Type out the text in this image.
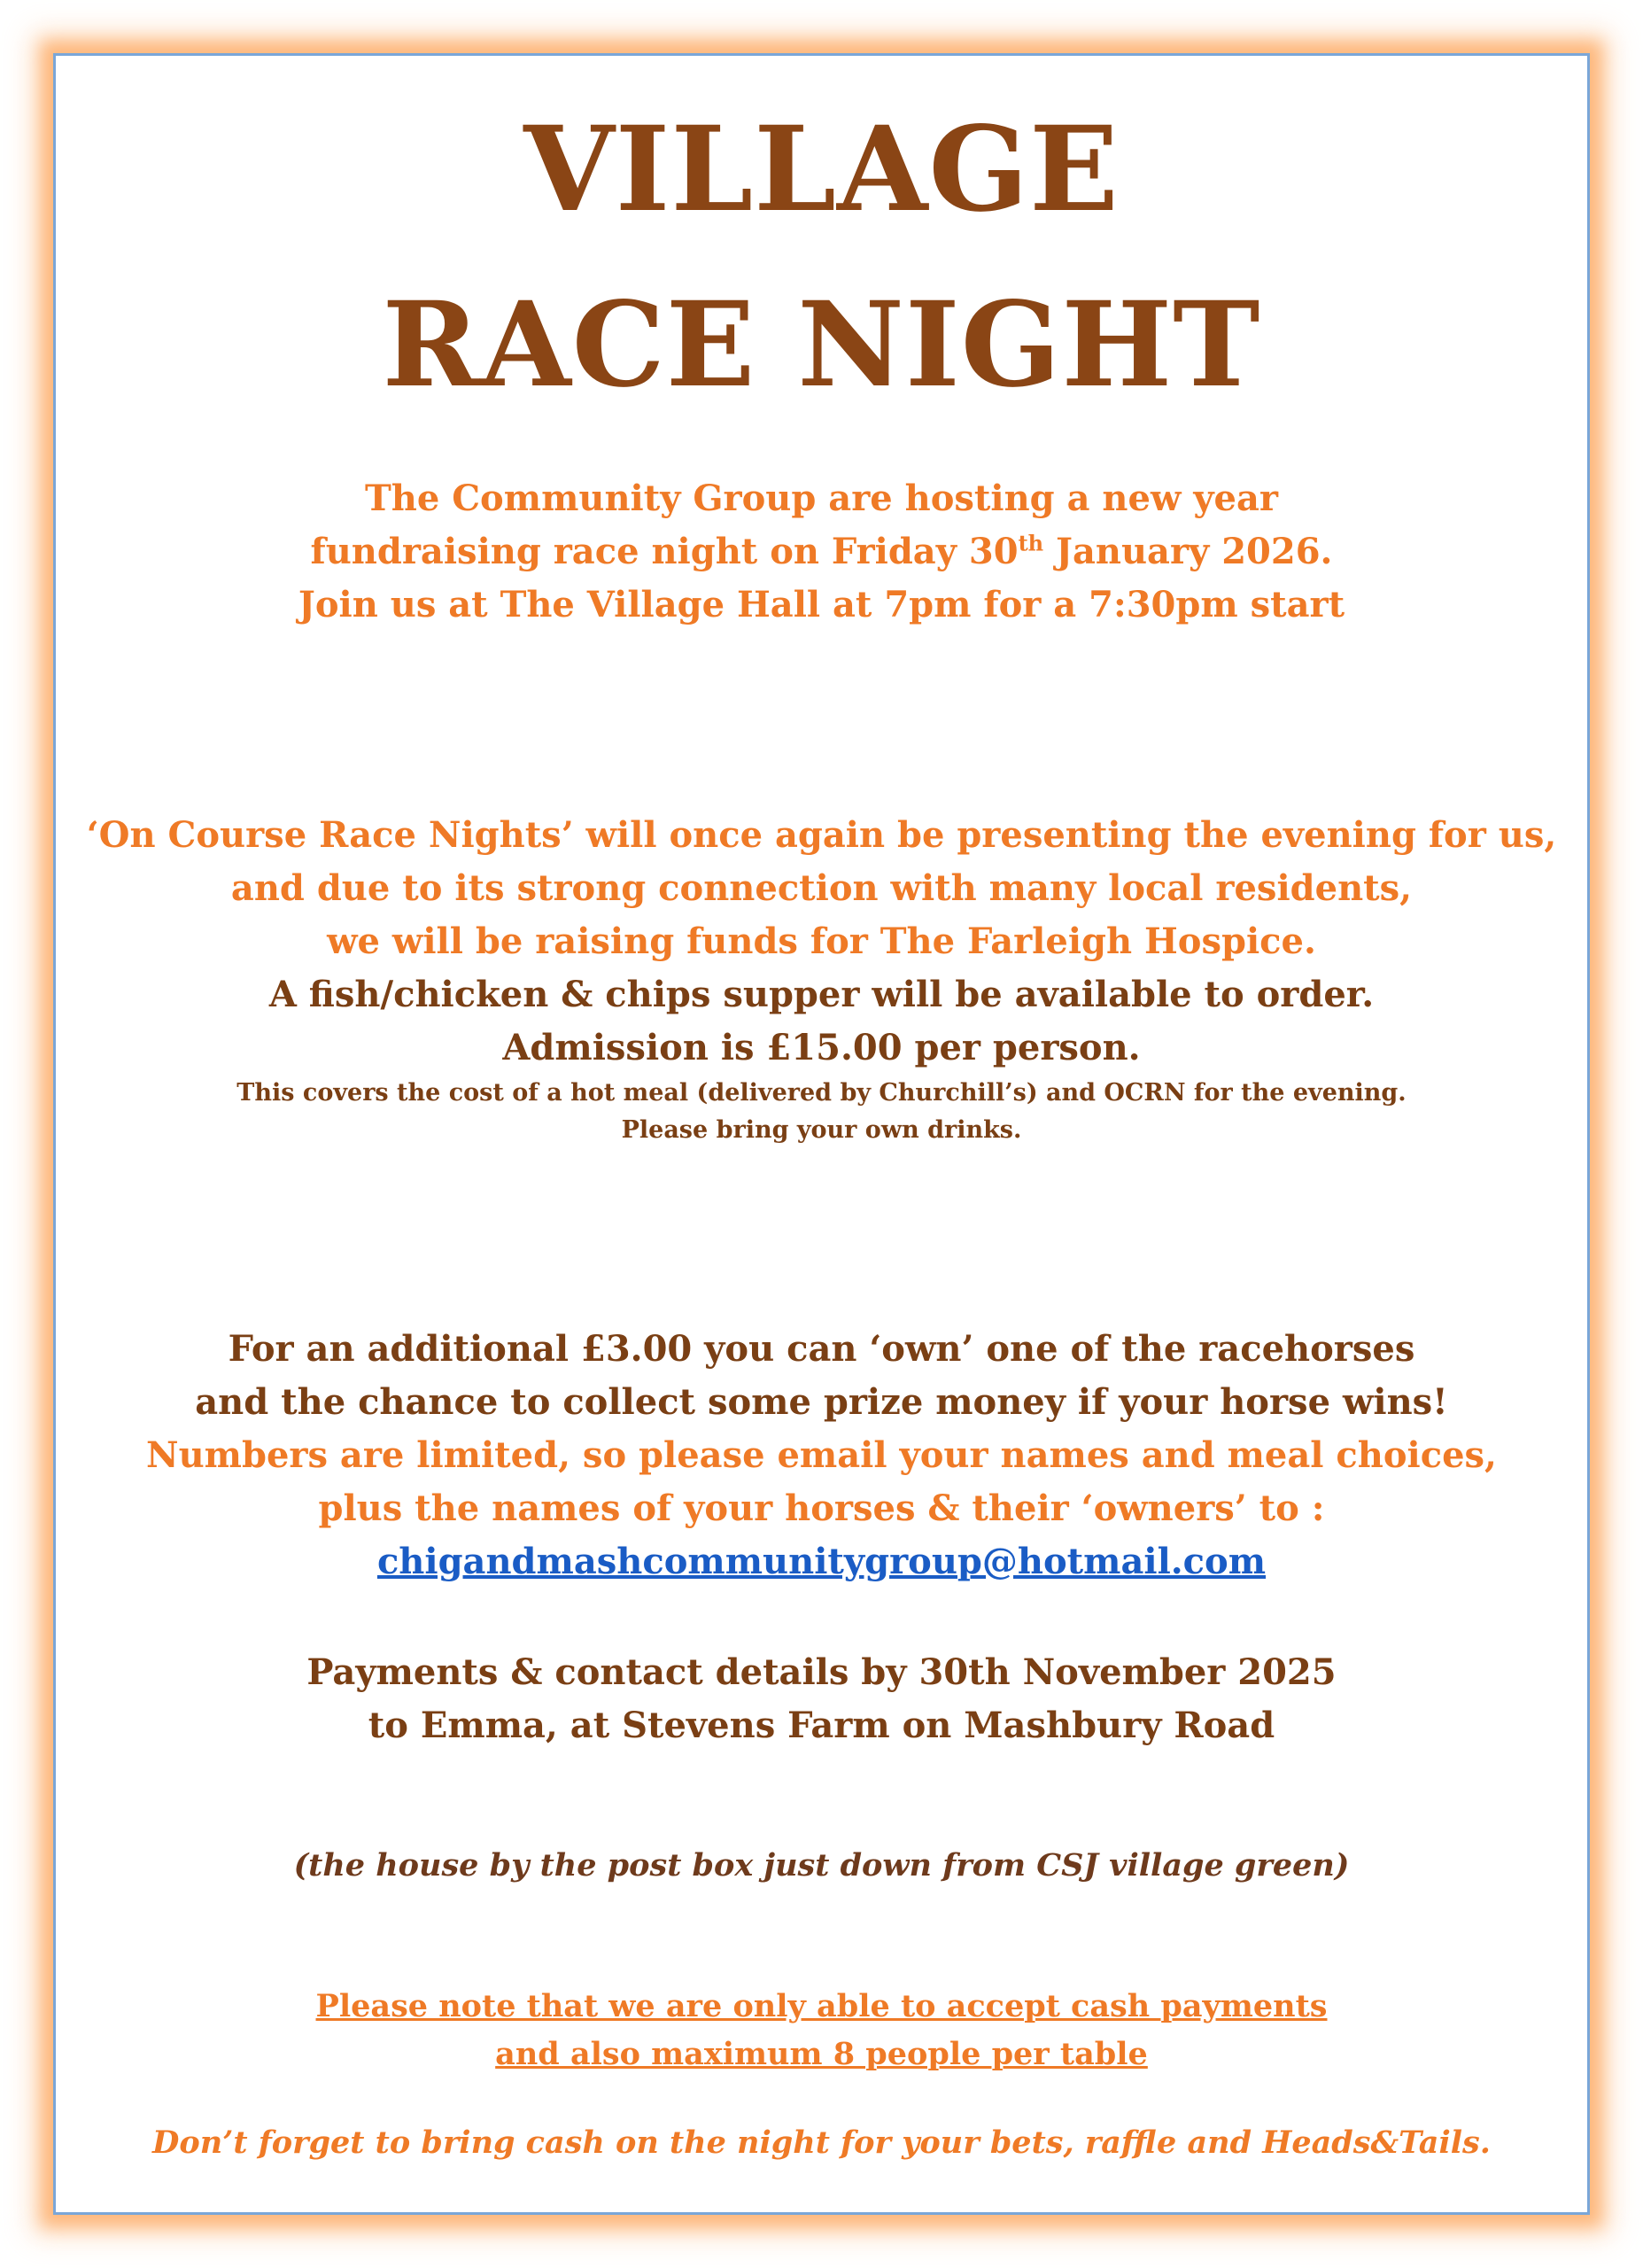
VILLAGE
RACE NIGHT
The Community Group are hosting a new year
fundraising race night on Friday 30th January 2026.
Join us at The Village Hall at 7pm for a 7:30pm start
‘On Course Race Nights’ will once again be presenting the evening for us,
and due to its strong connection with many local residents,
we will be raising funds for The Farleigh Hospice.
A fish/chicken & chips supper will be available to order.
Admission is £15.00 per person.
This covers the cost of a hot meal (delivered by Churchill’s) and OCRN for the evening.
Please bring your own drinks.
For an additional £3.00 you can ‘own’ one of the racehorses
and the chance to collect some prize money if your horse wins!
Numbers are limited, so please email your names and meal choices,
plus the names of your horses & their ‘owners’ to :
chigandmashcommunitygroup@hotmail.com
Payments & contact details by 30th November 2025
to Emma, at Stevens Farm on Mashbury Road
(the house by the post box just down from CSJ village green)
Please note that we are only able to accept cash payments
and also maximum 8 people per table
Don’t forget to bring cash on the night for your bets, raffle and Heads&Tails.
